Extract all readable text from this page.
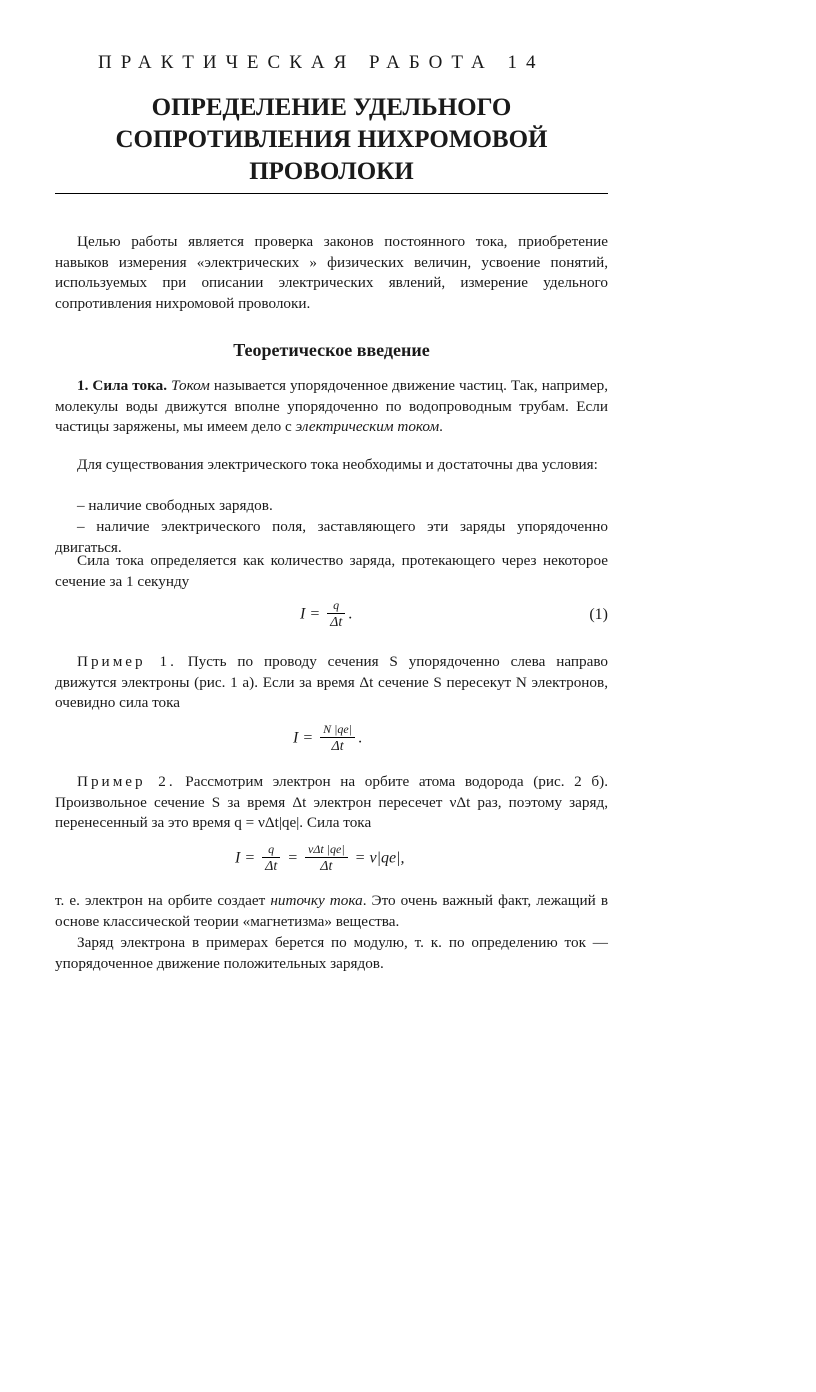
ПРАКТИЧЕСКАЯ РАБОТА 14
ОПРЕДЕЛЕНИЕ УДЕЛЬНОГО
СОПРОТИВЛЕНИЯ НИХРОМОВОЙ
ПРОВОЛОКИ
Целью работы является проверка законов постоянного тока, приобретение навыков измерения «электрических » физических величин, усвоение понятий, используемых при описании электрических явлений, измерение удельного сопротивления нихромовой проволоки.
Теоретическое введение
1. Сила тока. Током называется упорядоченное движение частиц. Так, например, молекулы воды движутся вполне упорядоченно по водопроводным трубам. Если частицы заряжены, мы имеем дело с электрическим током.
Для существования электрического тока необходимы и достаточны два условия:
– наличие свободных зарядов.
– наличие электрического поля, заставляющего эти заряды упорядоченно двигаться.
Сила тока определяется как количество заряда, протекающего через некоторое сечение за 1 секунду
$I = \frac{q}{\Delta t}$ .	(1)
Пример 1. Пусть по проводу сечения S упорядоченно слева направо движутся электроны (рис. 1 а). Если за время Δt сечение S пересекут N электронов, очевидно сила тока
$I = \frac{N |qe|}{\Delta t}$ .
Пример 2. Рассмотрим электрон на орбите атома водорода (рис. 2 б). Произвольное сечение S за время Δt электрон пересечет νΔt раз, поэтому заряд, перенесенный за это время q = νΔt|qe|. Сила тока
$I = \frac{q}{\Delta t} = \frac{\text{νΔt |qe|}}{\Delta t} = \nu|qe|$,
т. е. электрон на орбите создает ниточку тока. Это очень важный факт, лежащий в основе классической теории «магнетизма» вещества.
Заряд электрона в примерах берется по модулю, т. к. по определению ток — упорядоченное движение положительных зарядов.
